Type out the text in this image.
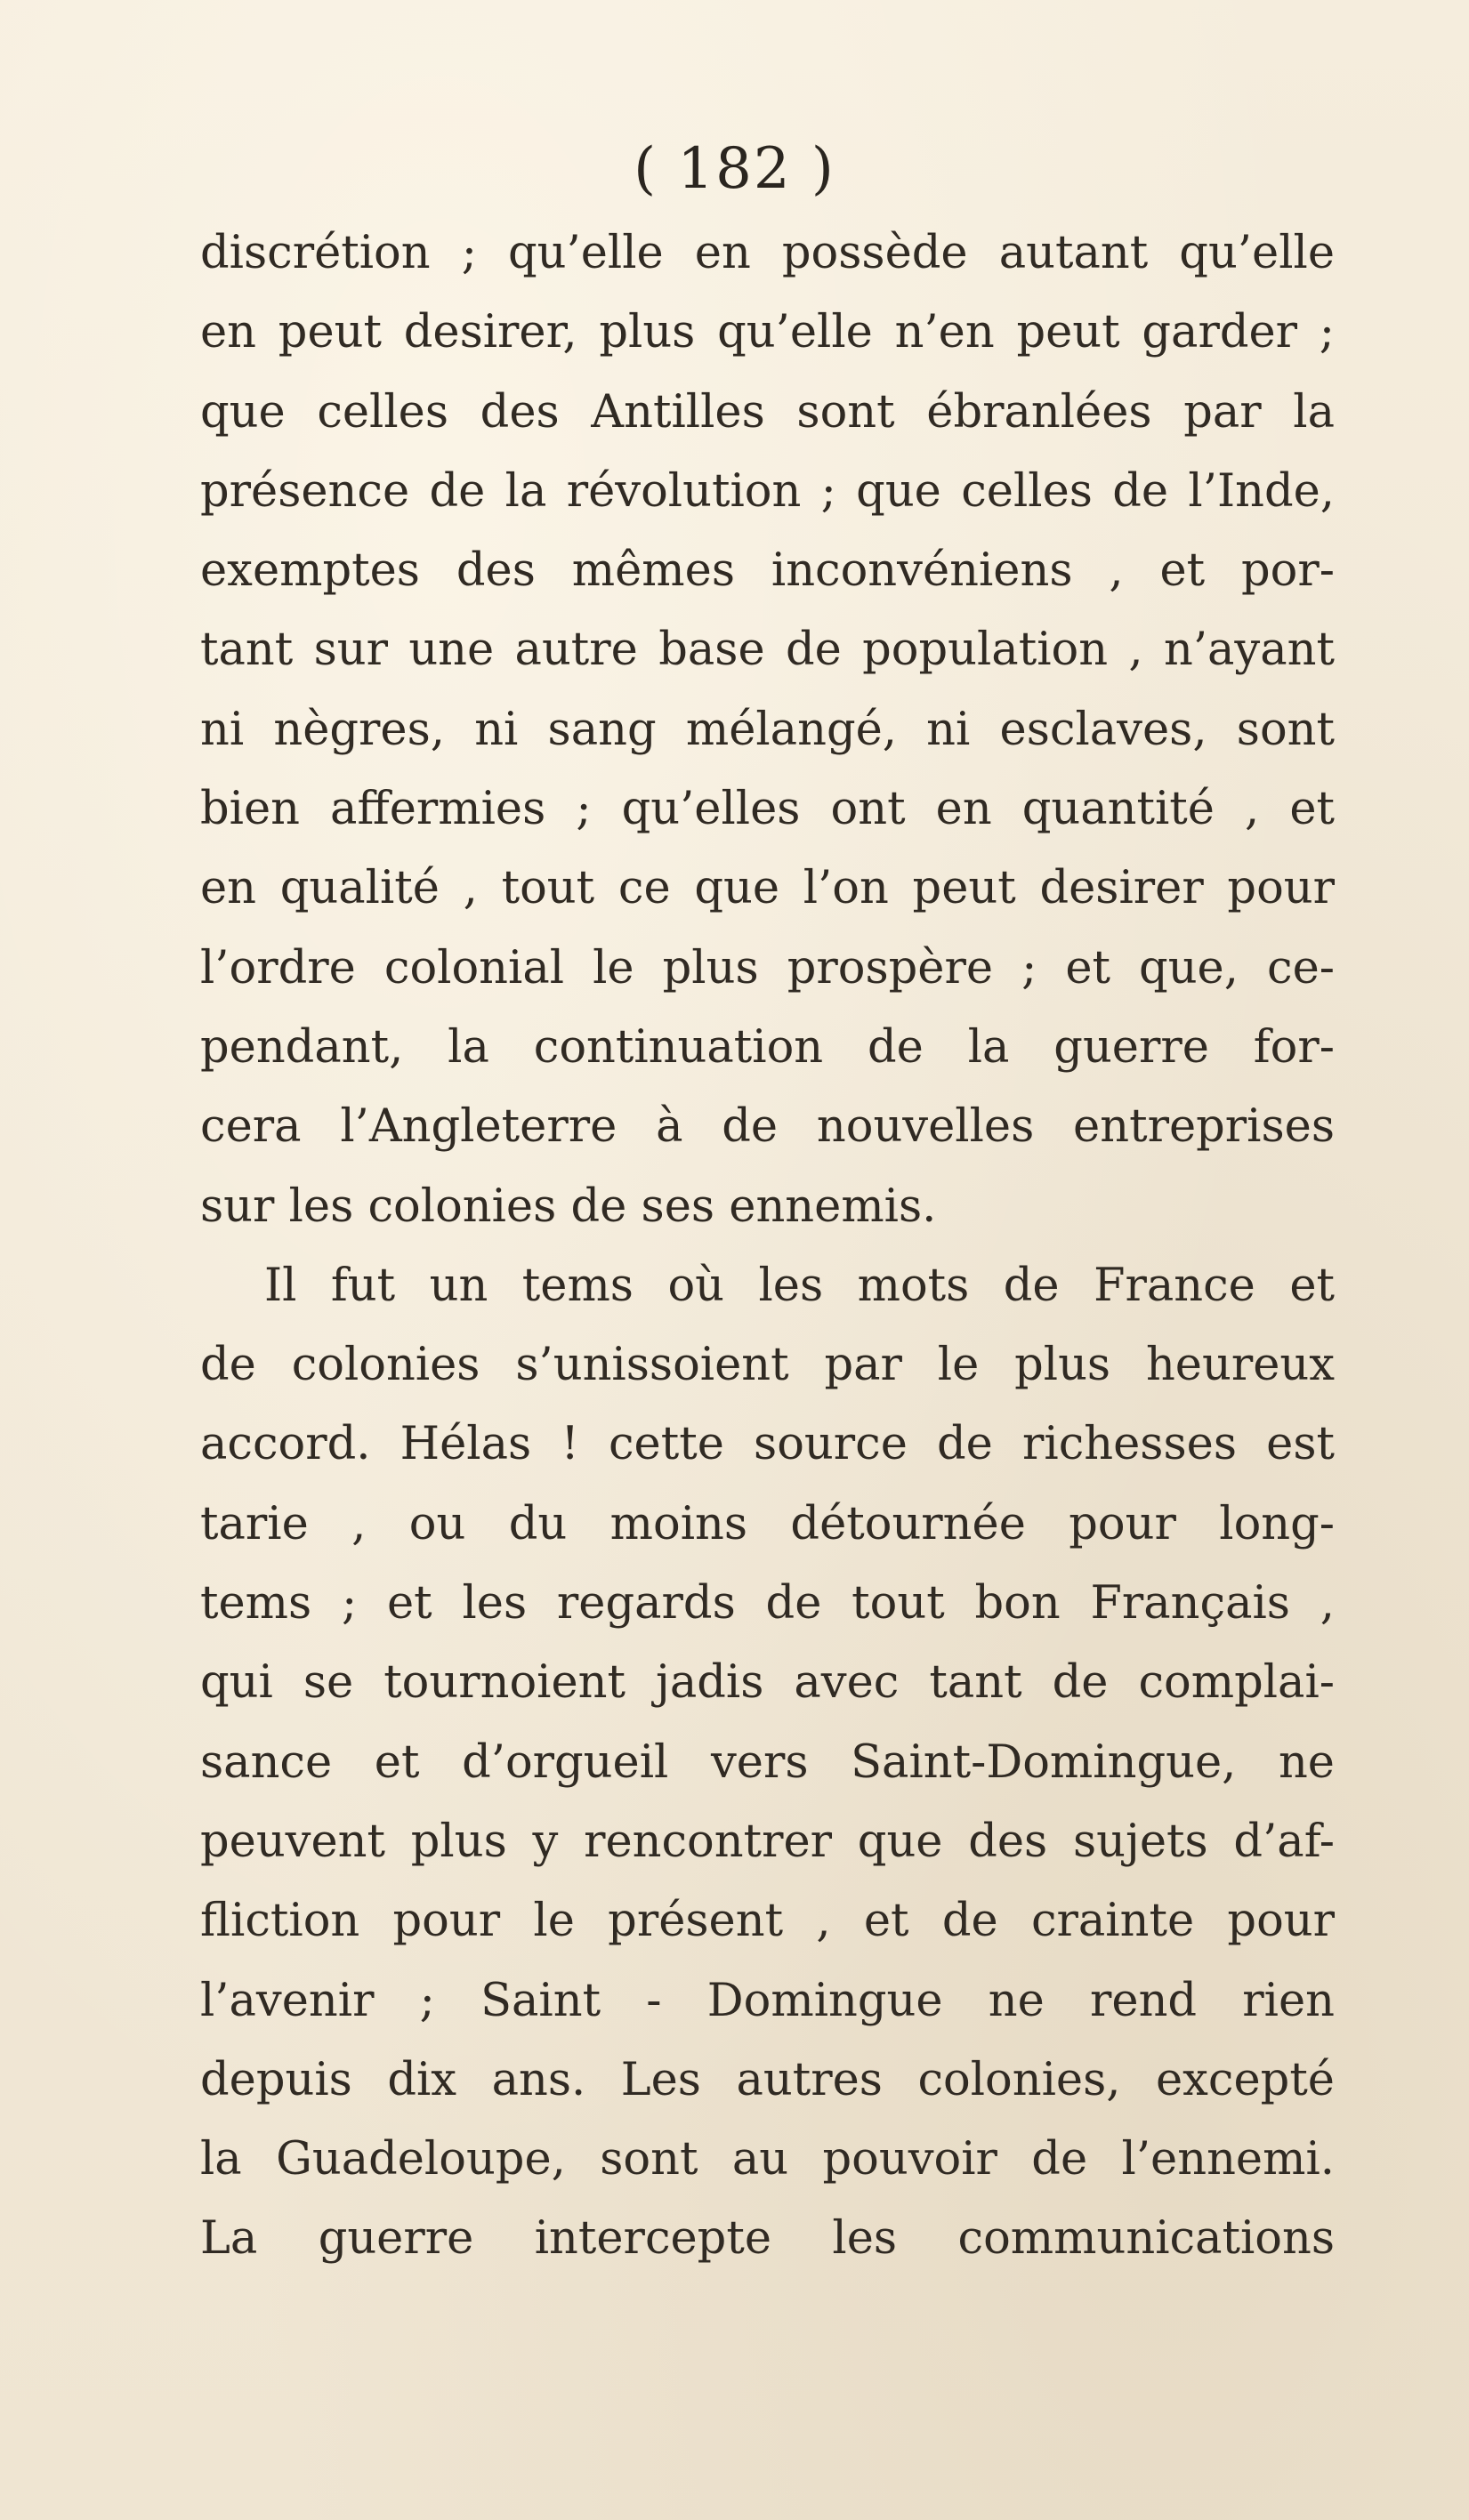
( 182 )
discrétion ; qu’elle en possède autant qu’elle
en peut desirer, plus qu’elle n’en peut garder ;
que celles des Antilles sont ébranlées par la
présence de la révolution ; que celles de l’Inde,
exemptes des mêmes inconvéniens , et por-
tant sur une autre base de population , n’ayant
ni nègres, ni sang mélangé, ni esclaves, sont
bien affermies ; qu’elles ont en quantité , et
en qualité , tout ce que l’on peut desirer pour
l’ordre colonial le plus prospère ; et que, ce-
pendant, la continuation de la guerre for-
cera l’Angleterre à de nouvelles entreprises
sur les colonies de ses ennemis.
Il fut un tems où les mots de France et
de colonies s’unissoient par le plus heureux
accord. Hélas ! cette source de richesses est
tarie , ou du moins détournée pour long-
tems ; et les regards de tout bon Français ,
qui se tournoient jadis avec tant de complai-
sance et d’orgueil vers Saint-Domingue, ne
peuvent plus y rencontrer que des sujets d’af-
fliction pour le présent , et de crainte pour
l’avenir ; Saint - Domingue ne rend rien
depuis dix ans. Les autres colonies, excepté
la Guadeloupe, sont au pouvoir de l’ennemi.
La guerre intercepte les communications
